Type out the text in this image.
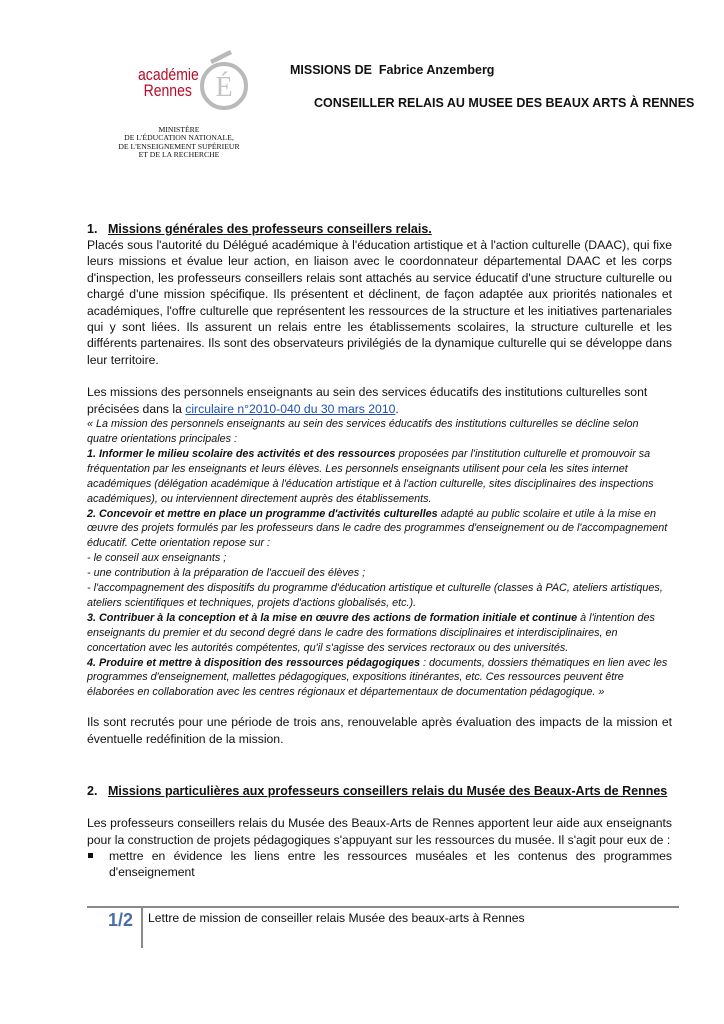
académie
Rennes É
MINISTÈRE
DE L'ÉDUCATION NATIONALE,
DE L'ENSEIGNEMENT SUPÉRIEUR
ET DE LA RECHERCHE
MISSIONS DE  Fabrice Anzemberg
CONSEILLER RELAIS AU MUSEE DES BEAUX ARTS À RENNES

1. Missions générales des professeurs conseillers relais.

Placés sous l'autorité du Délégué académique à l'éducation artistique et à l'action culturelle (DAAC), qui fixe leurs missions et évalue leur action, en liaison avec le coordonnateur départemental DAAC et les corps d'inspection, les professeurs conseillers relais sont attachés au service éducatif d'une structure culturelle ou chargé d'une mission spécifique. Ils présentent et déclinent, de façon adaptée aux priorités nationales et académiques, l'offre culturelle que représentent les ressources de la structure et les initiatives partenariales qui y sont liées. Ils assurent un relais entre les établissements scolaires, la structure culturelle et les différents partenaires. Ils sont des observateurs privilégiés de la dynamique culturelle qui se développe dans leur territoire.

Les missions des personnels enseignants au sein des services éducatifs des institutions culturelles sont précisées dans la circulaire n°2010-040 du 30 mars 2010.

« La mission des personnels enseignants au sein des services éducatifs des institutions culturelles se décline selon quatre orientations principales :

1. Informer le milieu scolaire des activités et des ressources proposées par l'institution culturelle et promouvoir sa fréquentation par les enseignants et leurs élèves. Les personnels enseignants utilisent pour cela les sites internet académiques (délégation académique à l'éducation artistique et à l'action culturelle, sites disciplinaires des inspections académiques), ou interviennent directement auprès des établissements.

2. Concevoir et mettre en place un programme d'activités culturelles adapté au public scolaire et utile à la mise en œuvre des projets formulés par les professeurs dans le cadre des programmes d'enseignement ou de l'accompagnement éducatif. Cette orientation repose sur :

- le conseil aux enseignants ;

- une contribution à la préparation de l'accueil des élèves ;

- l'accompagnement des dispositifs du programme d'éducation artistique et culturelle (classes à PAC, ateliers artistiques, ateliers scientifiques et techniques, projets d'actions globalisés, etc.).

3. Contribuer à la conception et à la mise en œuvre des actions de formation initiale et continue à l'intention des enseignants du premier et du second degré dans le cadre des formations disciplinaires et interdisciplinaires, en concertation avec les autorités compétentes, qu'il s'agisse des services rectoraux ou des universités.

4. Produire et mettre à disposition des ressources pédagogiques : documents, dossiers thématiques en lien avec les programmes d'enseignement, mallettes pédagogiques, expositions itinérantes, etc. Ces ressources peuvent être élaborées en collaboration avec les centres régionaux et départementaux de documentation pédagogique. »

Ils sont recrutés pour une période de trois ans, renouvelable après évaluation des impacts de la mission et éventuelle redéfinition de la mission.

2. Missions particulières aux professeurs conseillers relais du Musée des Beaux-Arts de Rennes

Les professeurs conseillers relais du Musée des Beaux-Arts de Rennes apportent leur aide aux enseignants pour la construction de projets pédagogiques s'appuyant sur les ressources du musée. Il s'agit pour eux de :

mettre en évidence les liens entre les ressources muséales et les contenus des programmes d'enseignement
1/2 Lettre de mission de conseiller relais Musée des beaux-arts à Rennes
